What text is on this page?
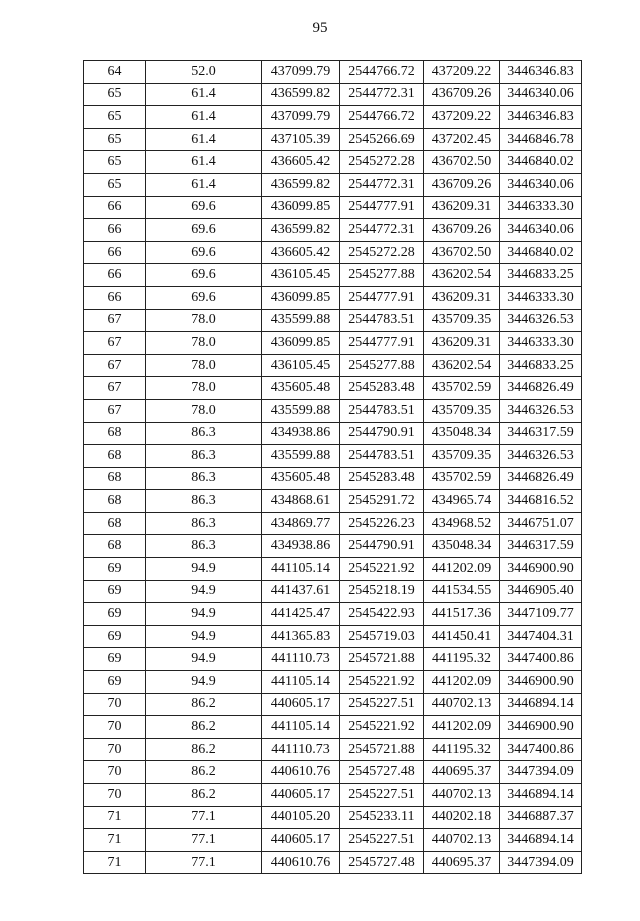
95
64	52.0	437099.79	2544766.72	437209.22	3446346.83
65	61.4	436599.82	2544772.31	436709.26	3446340.06
65	61.4	437099.79	2544766.72	437209.22	3446346.83
65	61.4	437105.39	2545266.69	437202.45	3446846.78
65	61.4	436605.42	2545272.28	436702.50	3446840.02
65	61.4	436599.82	2544772.31	436709.26	3446340.06
66	69.6	436099.85	2544777.91	436209.31	3446333.30
66	69.6	436599.82	2544772.31	436709.26	3446340.06
66	69.6	436605.42	2545272.28	436702.50	3446840.02
66	69.6	436105.45	2545277.88	436202.54	3446833.25
66	69.6	436099.85	2544777.91	436209.31	3446333.30
67	78.0	435599.88	2544783.51	435709.35	3446326.53
67	78.0	436099.85	2544777.91	436209.31	3446333.30
67	78.0	436105.45	2545277.88	436202.54	3446833.25
67	78.0	435605.48	2545283.48	435702.59	3446826.49
67	78.0	435599.88	2544783.51	435709.35	3446326.53
68	86.3	434938.86	2544790.91	435048.34	3446317.59
68	86.3	435599.88	2544783.51	435709.35	3446326.53
68	86.3	435605.48	2545283.48	435702.59	3446826.49
68	86.3	434868.61	2545291.72	434965.74	3446816.52
68	86.3	434869.77	2545226.23	434968.52	3446751.07
68	86.3	434938.86	2544790.91	435048.34	3446317.59
69	94.9	441105.14	2545221.92	441202.09	3446900.90
69	94.9	441437.61	2545218.19	441534.55	3446905.40
69	94.9	441425.47	2545422.93	441517.36	3447109.77
69	94.9	441365.83	2545719.03	441450.41	3447404.31
69	94.9	441110.73	2545721.88	441195.32	3447400.86
69	94.9	441105.14	2545221.92	441202.09	3446900.90
70	86.2	440605.17	2545227.51	440702.13	3446894.14
70	86.2	441105.14	2545221.92	441202.09	3446900.90
70	86.2	441110.73	2545721.88	441195.32	3447400.86
70	86.2	440610.76	2545727.48	440695.37	3447394.09
70	86.2	440605.17	2545227.51	440702.13	3446894.14
71	77.1	440105.20	2545233.11	440202.18	3446887.37
71	77.1	440605.17	2545227.51	440702.13	3446894.14
71	77.1	440610.76	2545727.48	440695.37	3447394.09
